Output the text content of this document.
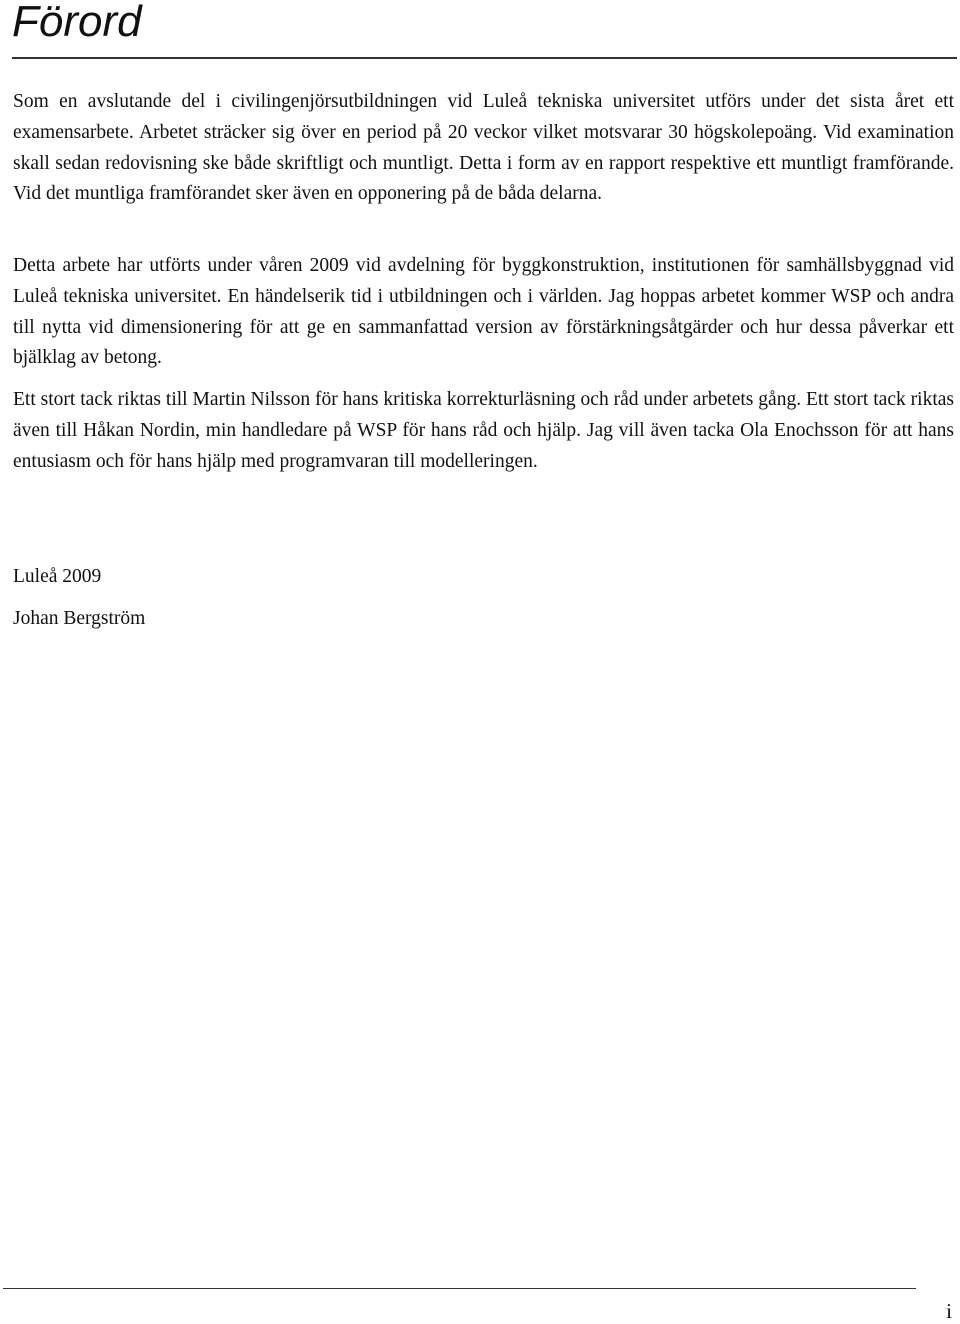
Förord

Som en avslutande del i civilingenjörsutbildningen vid Luleå tekniska universitet utförs under det sista året ett examensarbete. Arbetet sträcker sig över en period på 20 veckor vilket motsvarar 30 högskolepoäng. Vid examination skall sedan redovisning ske både skriftligt och muntligt. Detta i form av en rapport respektive ett muntligt framförande. Vid det muntliga framförandet sker även en opponering på de båda delarna.

Detta arbete har utförts under våren 2009 vid avdelning för byggkonstruktion, institutionen för samhällsbyggnad vid Luleå tekniska universitet. En händelserik tid i utbildningen och i världen. Jag hoppas arbetet kommer WSP och andra till nytta vid dimensionering för att ge en sammanfattad version av förstärkningsåtgärder och hur dessa påverkar ett bjälklag av betong.

Ett stort tack riktas till Martin Nilsson för hans kritiska korrekturläsning och råd under arbetets gång. Ett stort tack riktas även till Håkan Nordin, min handledare på WSP för hans råd och hjälp. Jag vill även tacka Ola Enochsson för att hans entusiasm och för hans hjälp med programvaran till modelleringen.

Luleå 2009

Johan Bergström

i
